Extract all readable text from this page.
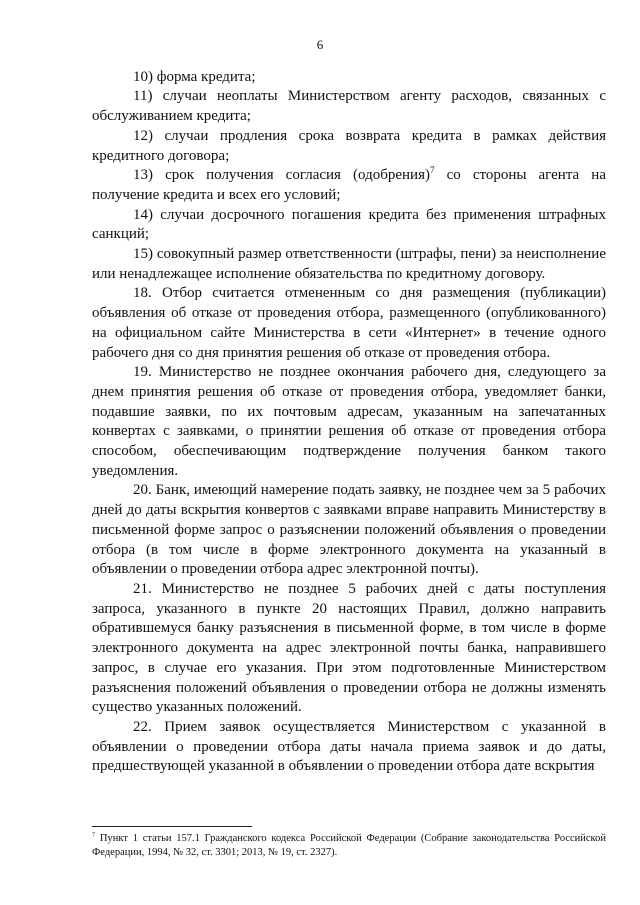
6

10) форма кредита;

11) случаи неоплаты Министерством агенту расходов, связанных с обслуживанием кредита;

12) случаи продления срока возврата кредита в рамках действия кредитного договора;

13) срок получения согласия (одобрения)$^7$ со стороны агента на получение кредита и всех его условий;

14) случаи досрочного погашения кредита без применения штрафных санкций;

15) совокупный размер ответственности (штрафы, пени) за неисполнение или ненадлежащее исполнение обязательства по кредитному договору.

18. Отбор считается отмененным со дня размещения (публикации) объявления об отказе от проведения отбора, размещенного (опубликованного) на официальном сайте Министерства в сети «Интернет» в течение одного рабочего дня со дня принятия решения об отказе от проведения отбора.

19. Министерство не позднее окончания рабочего дня, следующего за днем принятия решения об отказе от проведения отбора, уведомляет банки, подавшие заявки, по их почтовым адресам, указанным на запечатанных конвертах с заявками, о принятии решения об отказе от проведения отбора способом, обеспечивающим подтверждение получения банком такого уведомления.

20. Банк, имеющий намерение подать заявку, не позднее чем за 5 рабочих дней до даты вскрытия конвертов с заявками вправе направить Министерству в письменной форме запрос о разъяснении положений объявления о проведении отбора (в том числе в форме электронного документа на указанный в объявлении о проведении отбора адрес электронной почты).

21. Министерство не позднее 5 рабочих дней с даты поступления запроса, указанного в пункте 20 настоящих Правил, должно направить обратившемуся банку разъяснения в письменной форме, в том числе в форме электронного документа на адрес электронной почты банка, направившего запрос, в случае его указания. При этом подготовленные Министерством разъяснения положений объявления о проведении отбора не должны изменять существо указанных положений.

22. Прием заявок осуществляется Министерством с указанной в объявлении о проведении отбора даты начала приема заявок и до даты, предшествующей указанной в объявлении о проведении отбора дате вскрытия

$^7$ Пункт 1 статьи 157.1 Гражданского кодекса Российской Федерации (Собрание законодательства Российской Федерации, 1994, № 32, ст. 3301; 2013, № 19, ст. 2327).
